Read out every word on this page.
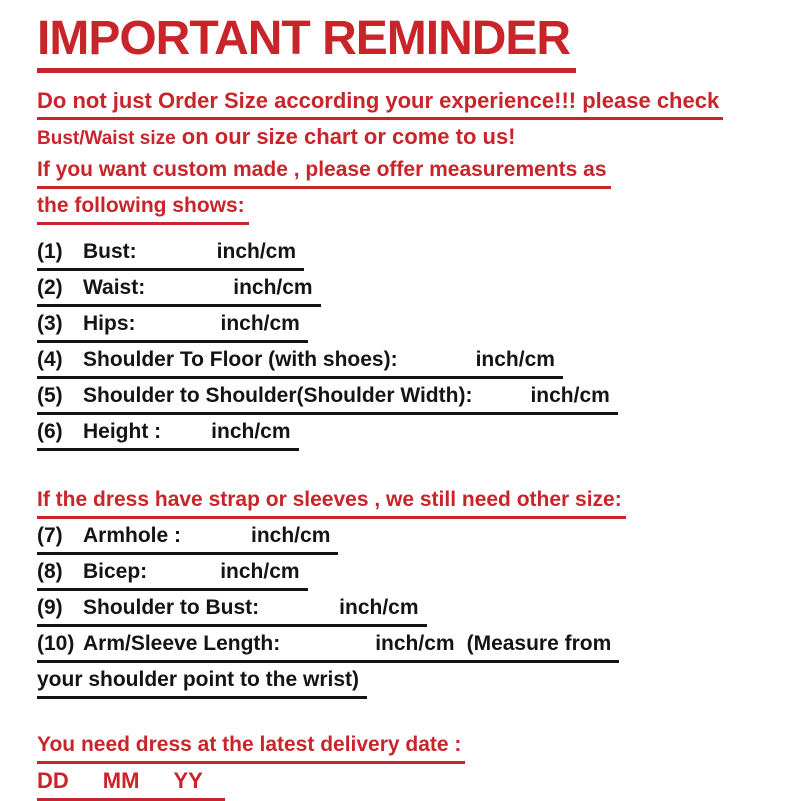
IMPORTANT REMINDER
Do not just Order Size according your experience!!! please check
Bust/Waist size on our size chart or come to us!
If you want custom made , please offer measurements as
the following shows:
(1) Bust:	inch/cm
(2) Waist:	inch/cm
(3) Hips:	inch/cm
(4) Shoulder To Floor (with shoes):	inch/cm
(5) Shoulder to Shoulder(Shoulder Width):	inch/cm
(6) Height : inch/cm
If the dress have strap or sleeves , we still need other size:
(7) Armhole :	inch/cm
(8) Bicep:	inch/cm
(9) Shoulder to Bust:	inch/cm
(10) Arm/Sleeve Length:	inch/cm (Measure from
your shoulder point to the wrist)
You need dress at the latest delivery date :
DD MM YY
